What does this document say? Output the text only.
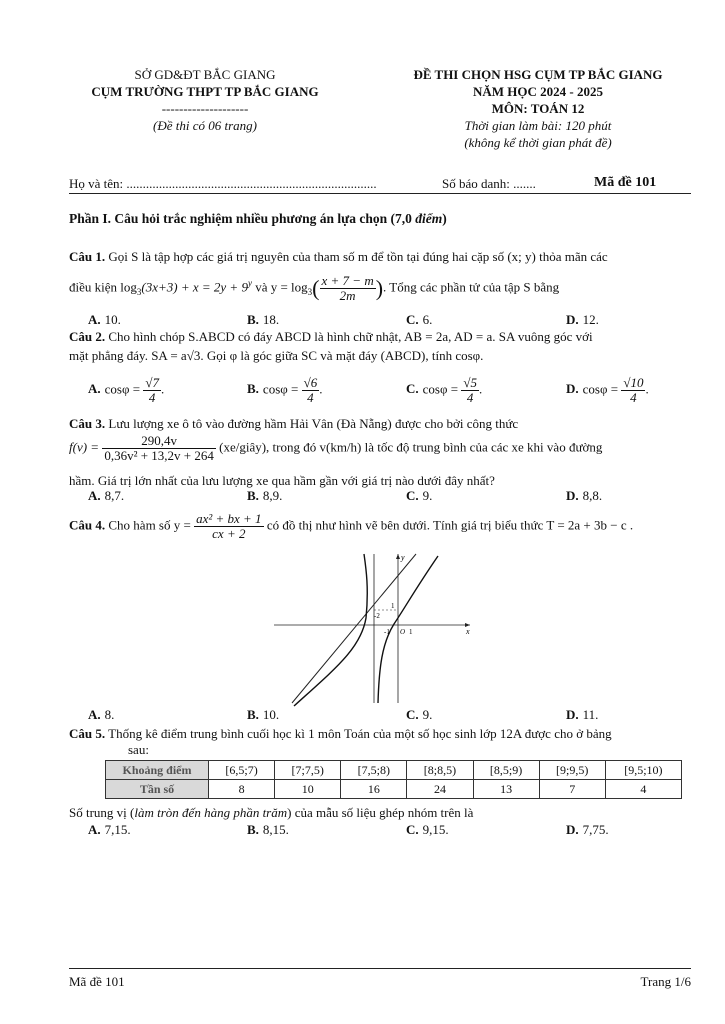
SỞ GD&ĐT BẮC GIANG
CỤM TRƯỜNG THPT TP BẮC GIANG
--------------------
(Đề thi có 06 trang)
ĐỀ THI CHỌN HSG CỤM TP BẮC GIANG
NĂM HỌC 2024 - 2025
MÔN: TOÁN 12
Thời gian làm bài: 120 phút
(không kể thời gian phát đề)
Họ và tên: .............................................................................	Số báo danh: .......	Mã đề 101
Phần I. Câu hỏi trắc nghiệm nhiều phương án lựa chọn (7,0 điểm)
Câu 1. Gọi S là tập hợp các giá trị nguyên của tham số m để tồn tại đúng hai cặp số (x; y) thỏa mãn các
điều kiện $\log_3(3x+3) + x = 2y + 9^y$ và $y = \log_3( \frac{x + 7 - m}{2m}$ ). Tổng các phần tử của tập S bằng
A. 10.	B. 18.	C. 6.	D. 12.
Câu 2. Cho hình chóp S.ABCD có đáy ABCD là hình chữ nhật, AB = 2a, AD = a. SA vuông góc với
mặt phẳng đáy. SA = a√3. Gọi φ là góc giữa SC và mặt đáy (ABCD), tính cosφ.
A. $\cos\varphi = \frac{√7}{4}$ .	B. $\cos\varphi = \frac{√6}{4}$ .	C. $\cos\varphi = \frac{√5}{4}$ .	D. $\cos\varphi = \frac{√10}{4}$ .
Câu 3. Lưu lượng xe ô tô vào đường hầm Hải Vân (Đà Nẵng) được cho bởi công thức
$f(v) = \frac{290,4v}{\text{0,36v² + 13,2v + 264}}$ (xe/giây), trong đó v(km/h) là tốc độ trung bình của các xe khi vào đường
hầm. Giá trị lớn nhất của lưu lượng xe qua hầm gần với giá trị nào dưới đây nhất?
A. 8,7.	B. 8,9.	C. 9.	D. 8,8.
Câu 4. Cho hàm số $y = \frac{\text{ax² + bx + 1}}{cx + 2}$ có đồ thị như hình vẽ bên dưới. Tính giá trị biểu thức T = 2a + 3b − c .
y
x
-2
1
-1 O 1
A. 8.	B. 10.	C. 9.	D. 11.
Câu 5. Thống kê điểm trung bình cuối học kì 1 môn Toán của một số học sinh lớp 12A được cho ở bảng
sau:
Khoảng điểm	[6,5;7)	[7;7,5)	[7,5;8)	[8;8,5)	[8,5;9)	[9;9,5)	[9,5;10)
Tần số	8	10	16	24	13	7	4
Số trung vị (làm tròn đến hàng phần trăm) của mẫu số liệu ghép nhóm trên là
A. 7,15.	B. 8,15.	C. 9,15.	D. 7,75.
Mã đề 101	Trang 1/6
